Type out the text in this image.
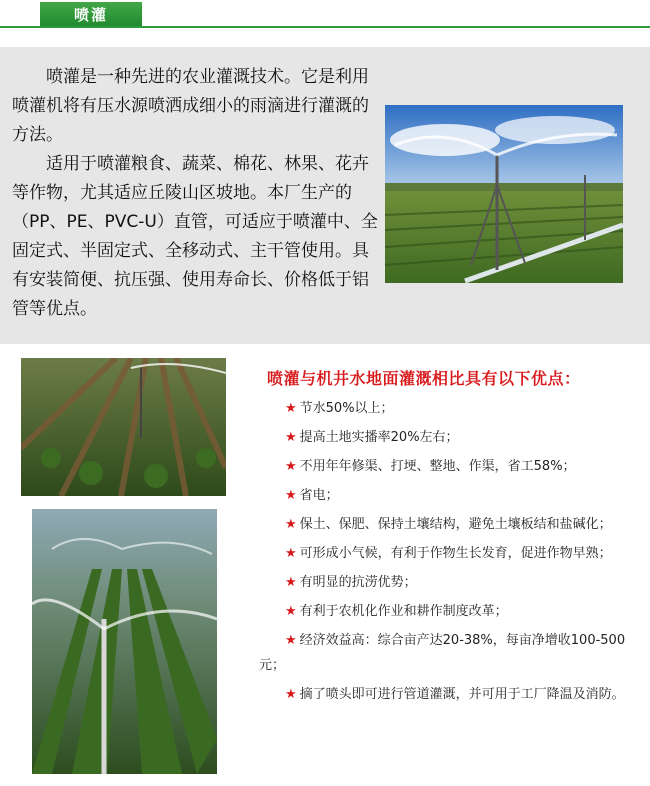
喷灌

喷灌是一种先进的农业灌溉技术。它是利用喷灌机将有压水源喷洒成细小的雨滴进行灌溉的方法。

适用于喷灌粮食、蔬菜、棉花、林果、花卉等作物，尤其适应丘陵山区坡地。本厂生产的（PP、PE、PVC-U）直管，可适应于喷灌中、全固定式、半固定式、全移动式、主干管使用。具有安装简便、抗压强、使用寿命长、价格低于铝管等优点。

喷灌与机井水地面灌溉相比具有以下优点：
★ 节水50%以上；
★ 提高土地实播率20%左右；
★ 不用年年修渠、打埂、整地、作渠，省工58%；
★ 省电；
★ 保土、保肥、保持土壤结构，避免土壤板结和盐碱化；
★ 可形成小气候，有利于作物生长发育，促进作物早熟；
★ 有明显的抗涝优势；
★ 有利于农机化作业和耕作制度改革；
★ 经济效益高：综合亩产达20-38%，每亩净增收100-500元；
★ 摘了喷头即可进行管道灌溉，并可用于工厂降温及消防。
